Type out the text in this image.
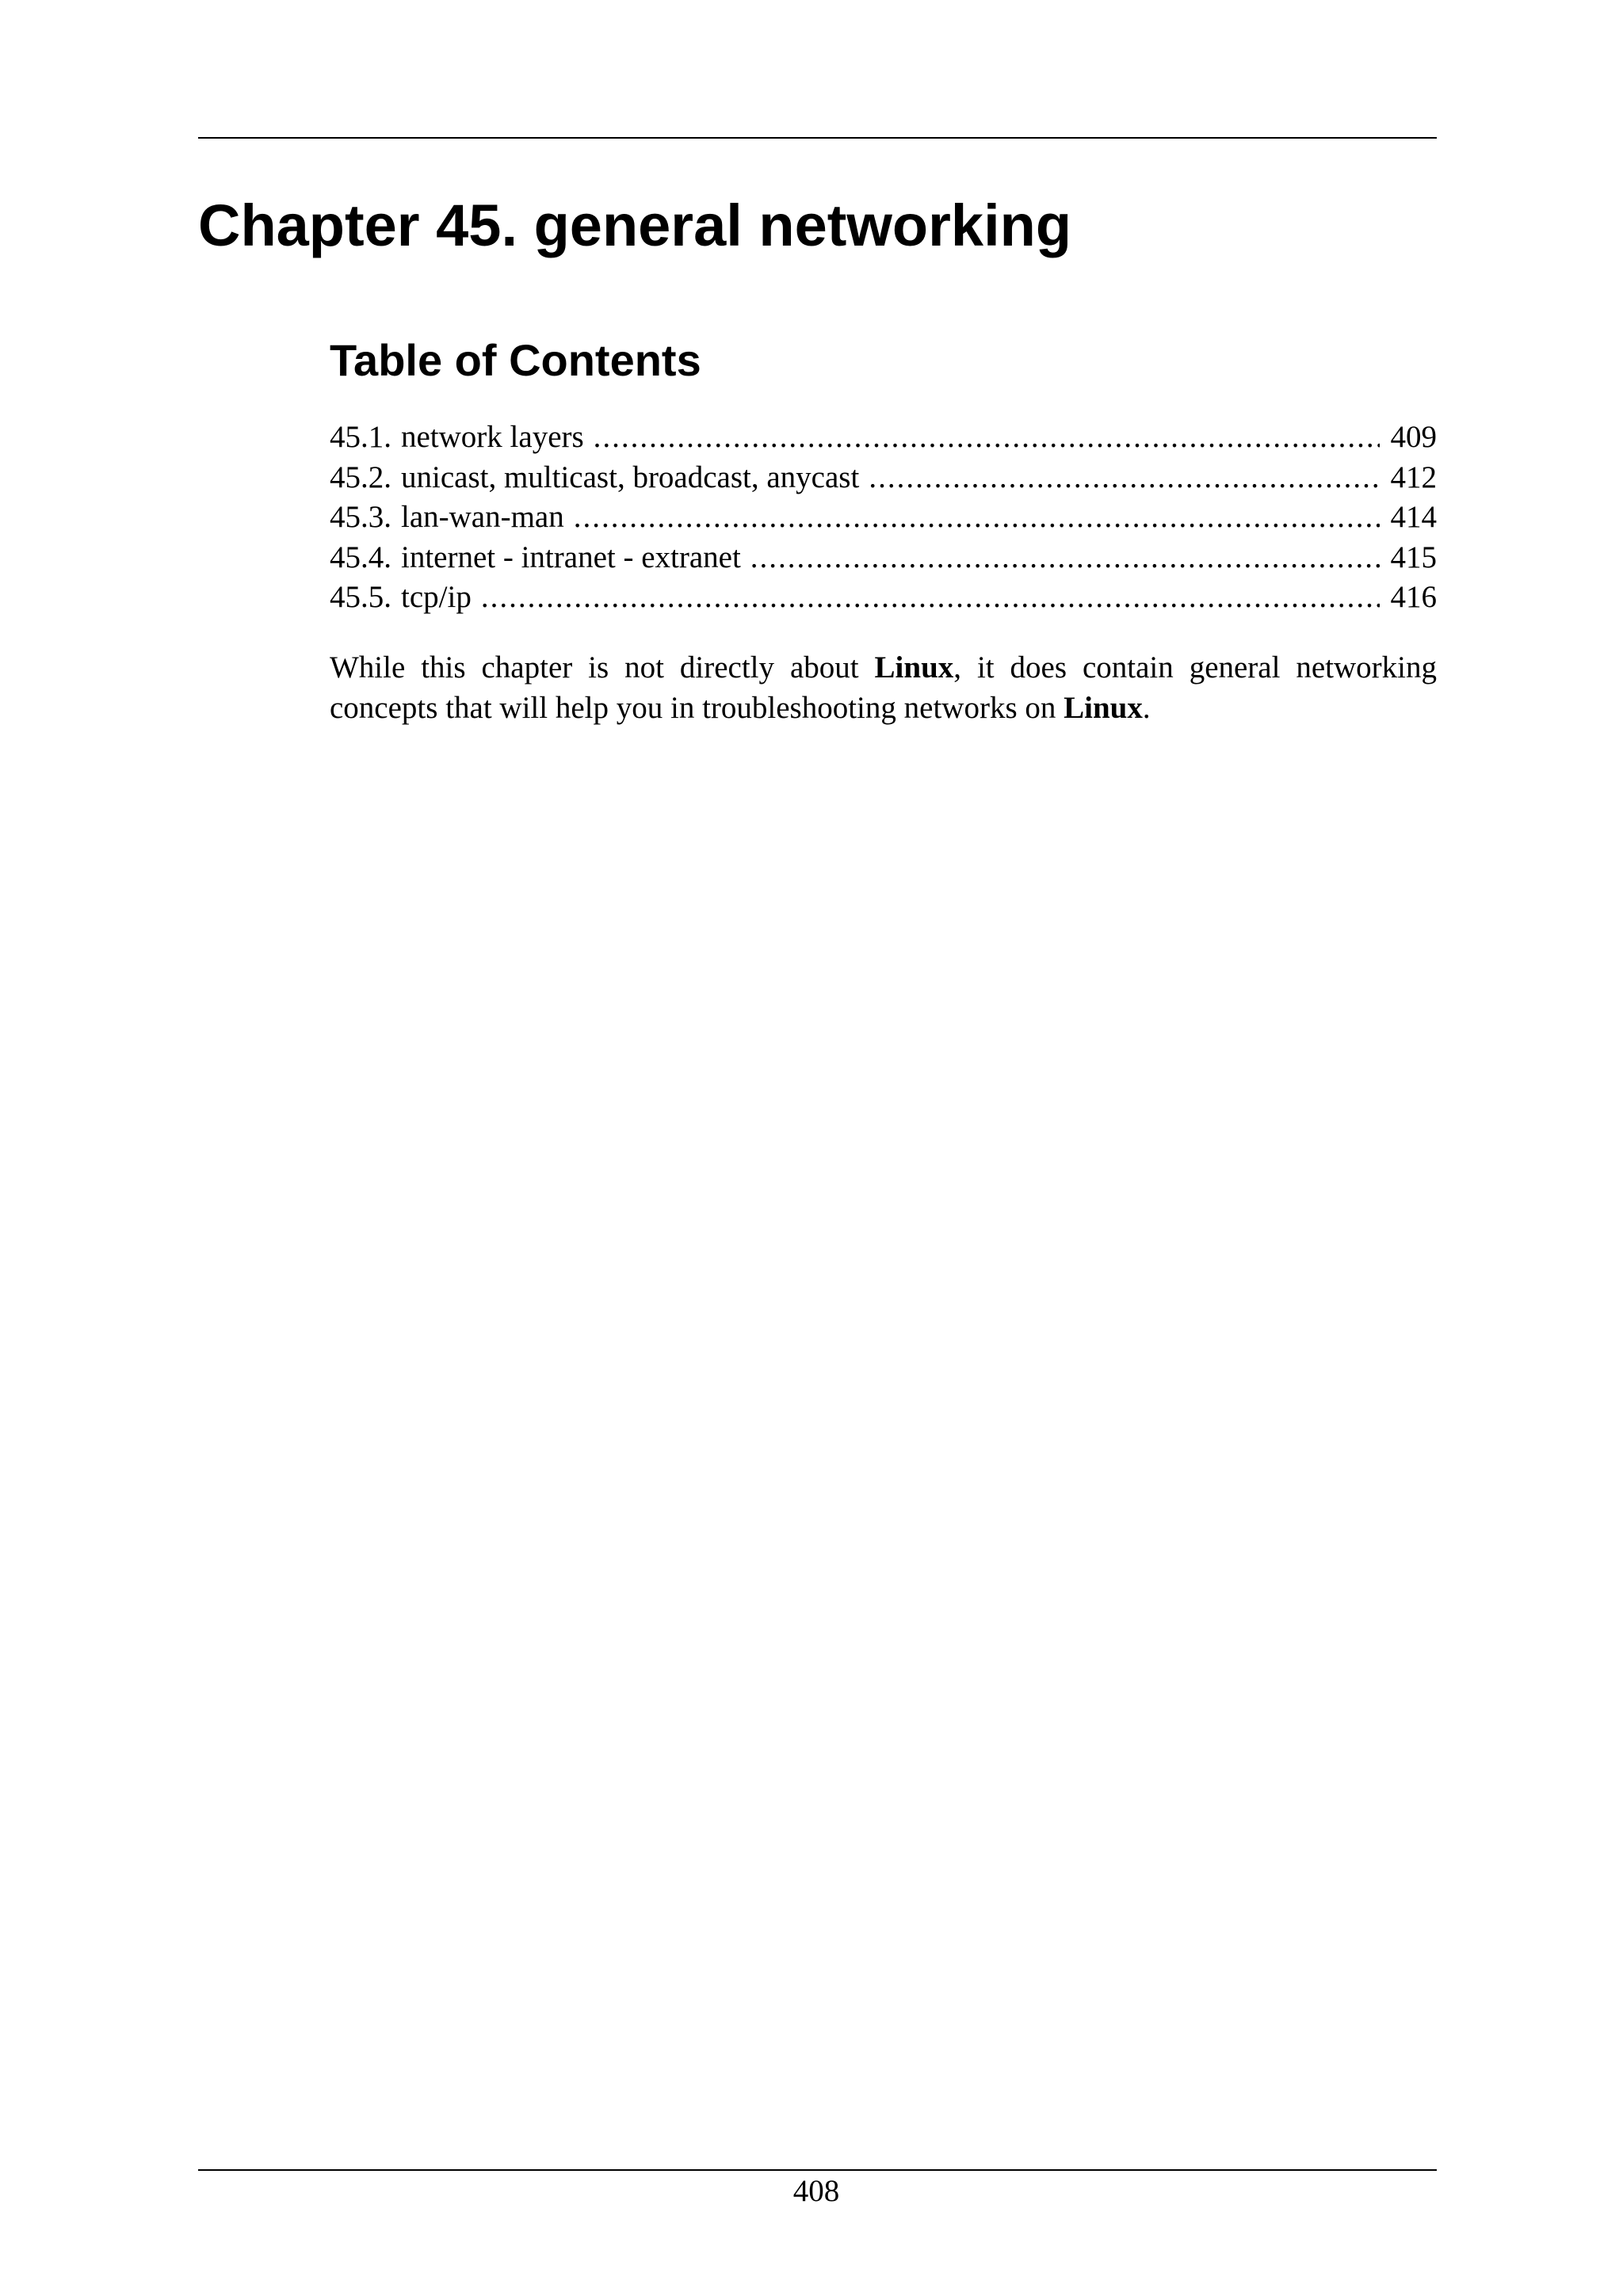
Chapter 45. general networking
Table of Contents
45.1. network layers .....	409
45.2. unicast, multicast, broadcast, anycast .....	412
45.3. lan-wan-man .....	414
45.4. internet - intranet - extranet .....	415
45.5. tcp/ip .....	416

While this chapter is not directly about Linux, it does contain general networking concepts that will help you in troubleshooting networks on Linux.

408
